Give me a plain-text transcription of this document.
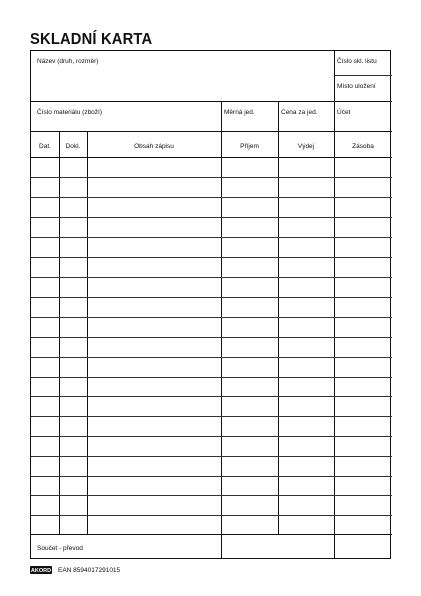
SKLADNÍ KARTA
Název (druh, rozměr)	Číslo skl. listu
Místo uložení
Číslo materiálu (zboží)	Měrná jed.	Cena za jed.	Účet
Dat.	Dokl.	Obsah zápisu	Příjem	Výdej	Zásoba
Součet - převod
AKORD EAN 8594017291015
